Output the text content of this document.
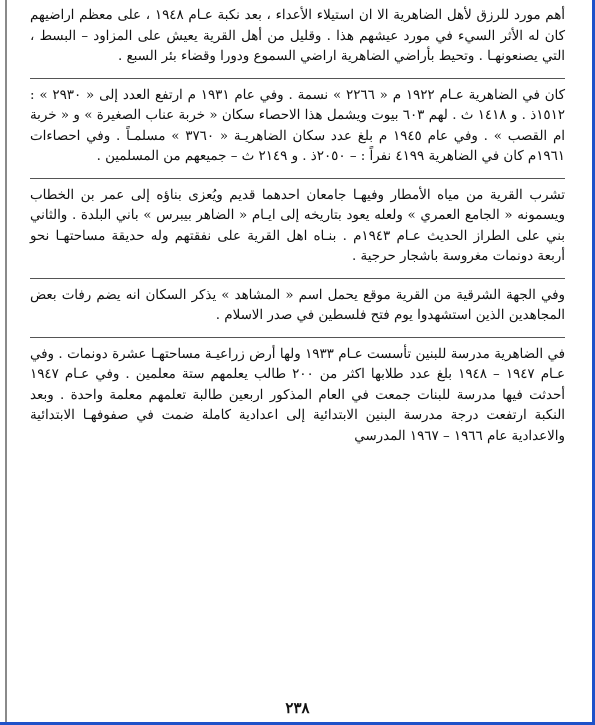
أهم مورد للرزق لأهل الضاهرية الا ان استيلاء الأعداء ، بعد نكبة عـام ١٩٤٨ ، على معظم اراضيهم كان له الأثر السيء في مورد عيشهم هذا . وقليل من أهل القرية يعيش على المزاود – البسط ، التي يصنعونهـا . وتحيط بأراضي الضاهرية اراضي السموع ودورا وقضاء بئر السبع .

كان في الضاهرية عـام ١٩٢٢ م « ٢٢٦٦ » نسمة . وفي عام ١٩٣١ م ارتفع العدد إلى « ٢٩٣٠ » : ١٥١٢ذ . و ١٤١٨ ث . لهم ٦٠٣ بيوت ويشمل هذا الاحصاء سكان « خربة عناب الصغيرة » و « خربة ام القصب » . وفي عام ١٩٤٥ م بلغ عدد سكان الضاهريـة « ٣٧٦٠ » مسلمـاً . وفي احصاءات ١٩٦١م كان في الضاهرية ٤١٩٩ نفراً : – ٢٠٥٠ذ . و ٢١٤٩ ث – جميعهم من المسلمين .

تشرب القرية من مياه الأمطار وفيهـا جامعان احدهما قديم ويُعزى بناؤه إلى عمر بن الخطاب ويسمونه « الجامع العمري » ولعله يعود بتاريخه إلى ايـام « الضاهر بيبرس » باني البلدة . والثاني بني على الطراز الحديث عـام ١٩٤٣م . بنـاه اهل القرية على نفقتهم وله حديقة مساحتهـا نحو أربعة دونمات مغروسة باشجار حرجية .

وفي الجهة الشرقية من القرية موقع يحمل اسم « المشاهد » يذكر السكان انه يضم رفات بعض المجاهدين الذين استشهدوا يوم فتح فلسطين في صدر الاسلام .

في الضاهرية مدرسة للبنين تأسست عـام ١٩٣٣ ولها أرض زراعيـة مساحتهـا عشرة دونمات . وفي عـام ١٩٤٧ – ١٩٤٨ بلغ عدد طلابها اكثر من ٢٠٠ طالب يعلمهم ستة معلمين . وفي عـام ١٩٤٧ أحدثت فيها مدرسة للبنات جمعت في العام المذكور اربعين طالبة تعلمهم معلمة واحدة . وبعد النكبة ارتفعت درجة مدرسة البنين الابتدائية إلى اعدادية كاملة ضمت في صفوفهـا الابتدائية والاعدادية عام ١٩٦٦ – ١٩٦٧ المدرسي

٢٣٨
